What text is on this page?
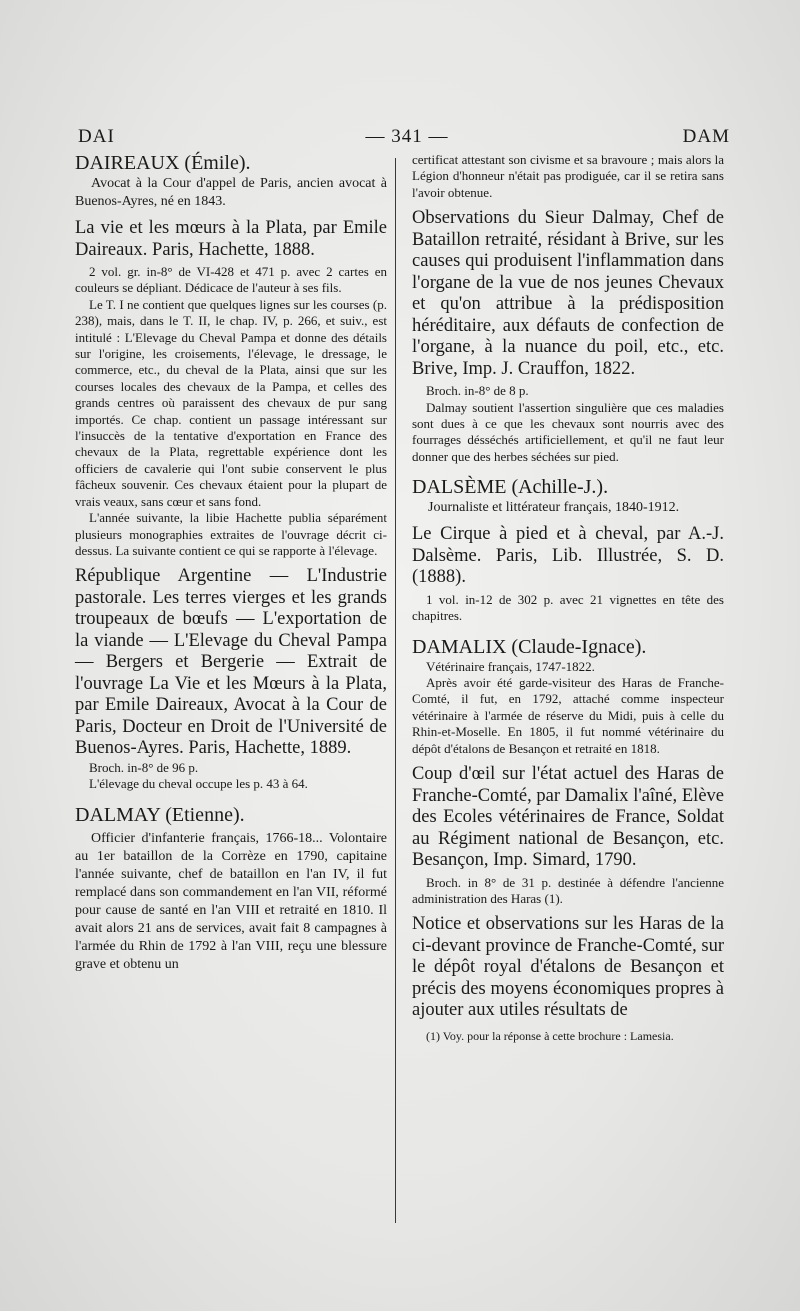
DAI	— 341 —	DAM

DAIREAUX (Émile).

Avocat à la Cour d'appel de Paris, ancien avocat à Buenos-Ayres, né en 1843.

La vie et les mœurs à la Plata, par Emile Daireaux. Paris, Hachette, 1888.

2 vol. gr. in-8° de VI-428 et 471 p. avec 2 cartes en couleurs se dépliant. Dédicace de l'auteur à ses fils.

Le T. I ne contient que quelques lignes sur les courses (p. 238), mais, dans le T. II, le chap. IV, p. 266, et suiv., est intitulé : L'Elevage du Cheval Pampa et donne des détails sur l'origine, les croisements, l'élevage, le dressage, le commerce, etc., du cheval de la Plata, ainsi que sur les courses locales des chevaux de la Pampa, et celles des grands centres où paraissent des chevaux de pur sang importés. Ce chap. contient un passage intéressant sur l'insuccès de la tentative d'exportation en France des chevaux de la Plata, regrettable expérience dont les officiers de cavalerie qui l'ont subie conservent le plus fâcheux souvenir. Ces chevaux étaient pour la plupart de vrais veaux, sans cœur et sans fond.

L'année suivante, la libie Hachette publia séparément plusieurs monographies extraites de l'ouvrage décrit ci-dessus. La suivante contient ce qui se rapporte à l'élevage.

République Argentine — L'Industrie pastorale. Les terres vierges et les grands troupeaux de bœufs — L'exportation de la viande — L'Elevage du Cheval Pampa — Bergers et Bergerie — Extrait de l'ouvrage La Vie et les Mœurs à la Plata, par Emile Daireaux, Avocat à la Cour de Paris, Docteur en Droit de l'Université de Buenos-Ayres. Paris, Hachette, 1889.

Broch. in-8° de 96 p.

L'élevage du cheval occupe les p. 43 à 64.

DALMAY (Etienne).

Officier d'infanterie français, 1766-18... Volontaire au 1er bataillon de la Corrèze en 1790, capitaine l'année suivante, chef de bataillon en l'an IV, il fut remplacé dans son commandement en l'an VII, réformé pour cause de santé en l'an VIII et retraité en 1810. Il avait alors 21 ans de services, avait fait 8 campagnes à l'armée du Rhin de 1792 à l'an VIII, reçu une blessure grave et obtenu un

certificat attestant son civisme et sa bravoure ; mais alors la Légion d'honneur n'était pas prodiguée, car il se retira sans l'avoir obtenue.

Observations du Sieur Dalmay, Chef de Bataillon retraité, résidant à Brive, sur les causes qui produisent l'inflammation dans l'organe de la vue de nos jeunes Chevaux et qu'on attribue à la prédisposition héréditaire, aux défauts de confection de l'organe, à la nuance du poil, etc., etc. Brive, Imp. J. Crauffon, 1822.

Broch. in-8° de 8 p.

Dalmay soutient l'assertion singulière que ces maladies sont dues à ce que les chevaux sont nourris avec des fourrages désséchés artificiellement, et qu'il ne faut leur donner que des herbes séchées sur pied.

DALSÈME (Achille-J.).

Journaliste et littérateur français, 1840-1912.

Le Cirque à pied et à cheval, par A.-J. Dalsème. Paris, Lib. Illustrée, S. D. (1888).

1 vol. in-12 de 302 p. avec 21 vignettes en tête des chapitres.

DAMALIX (Claude-Ignace).

Vétérinaire français, 1747-1822.

Après avoir été garde-visiteur des Haras de Franche-Comté, il fut, en 1792, attaché comme inspecteur vétérinaire à l'armée de réserve du Midi, puis à celle du Rhin-et-Moselle. En 1805, il fut nommé vétérinaire du dépôt d'étalons de Besançon et retraité en 1818.

Coup d'œil sur l'état actuel des Haras de Franche-Comté, par Damalix l'aîné, Elève des Ecoles vétérinaires de France, Soldat au Régiment national de Besançon, etc. Besançon, Imp. Simard, 1790.

Broch. in 8° de 31 p. destinée à défendre l'ancienne administration des Haras (1).

Notice et observations sur les Haras de la ci-devant province de Franche-Comté, sur le dépôt royal d'étalons de Besançon et précis des moyens économiques propres à ajouter aux utiles résultats de

(1) Voy. pour la réponse à cette brochure : Lamesia.
